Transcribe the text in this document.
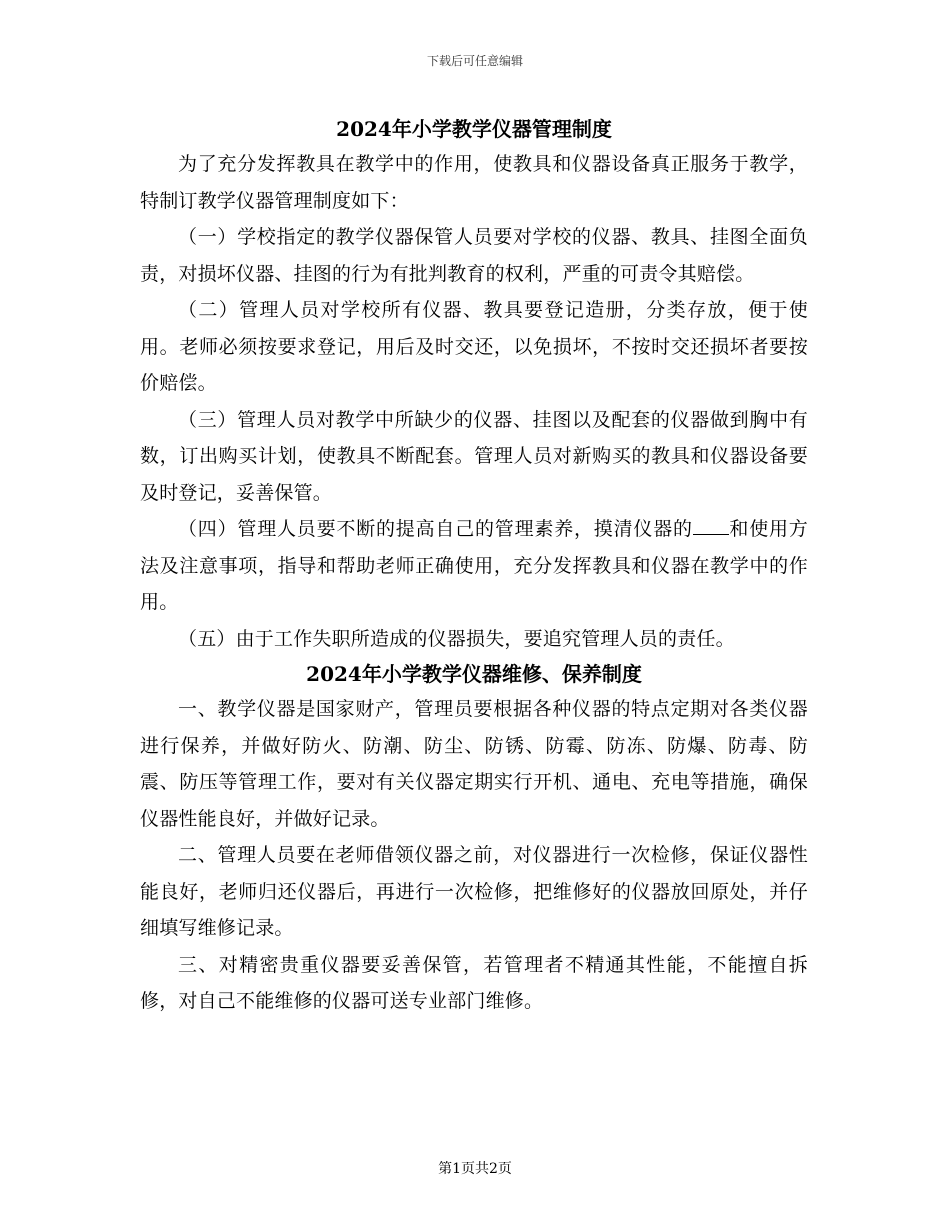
下载后可任意编辑

2024年小学教学仪器管理制度

为了充分发挥教具在教学中的作用，使教具和仪器设备真正服务于教学，特制订教学仪器管理制度如下：

（一）学校指定的教学仪器保管人员要对学校的仪器、教具、挂图全面负责，对损坏仪器、挂图的行为有批判教育的权利，严重的可责令其赔偿。

（二）管理人员对学校所有仪器、教具要登记造册，分类存放，便于使用。老师必须按要求登记，用后及时交还，以免损坏，不按时交还损坏者要按价赔偿。

（三）管理人员对教学中所缺少的仪器、挂图以及配套的仪器做到胸中有数，订出购买计划，使教具不断配套。管理人员对新购买的教具和仪器设备要及时登记，妥善保管。

（四）管理人员要不断的提高自己的管理素养，摸清仪器的 和使用方法及注意事项，指导和帮助老师正确使用，充分发挥教具和仪器在教学中的作用。

（五）由于工作失职所造成的仪器损失，要追究管理人员的责任。

2024年小学教学仪器维修、保养制度

一、教学仪器是国家财产，管理员要根据各种仪器的特点定期对各类仪器进行保养，并做好防火、防潮、防尘、防锈、防霉、防冻、防爆、防毒、防震、防压等管理工作，要对有关仪器定期实行开机、通电、充电等措施，确保仪器性能良好，并做好记录。

二、管理人员要在老师借领仪器之前，对仪器进行一次检修，保证仪器性能良好，老师归还仪器后，再进行一次检修，把维修好的仪器放回原处，并仔细填写维修记录。

三、对精密贵重仪器要妥善保管，若管理者不精通其性能，不能擅自拆修，对自己不能维修的仪器可送专业部门维修。

第1页共2页
